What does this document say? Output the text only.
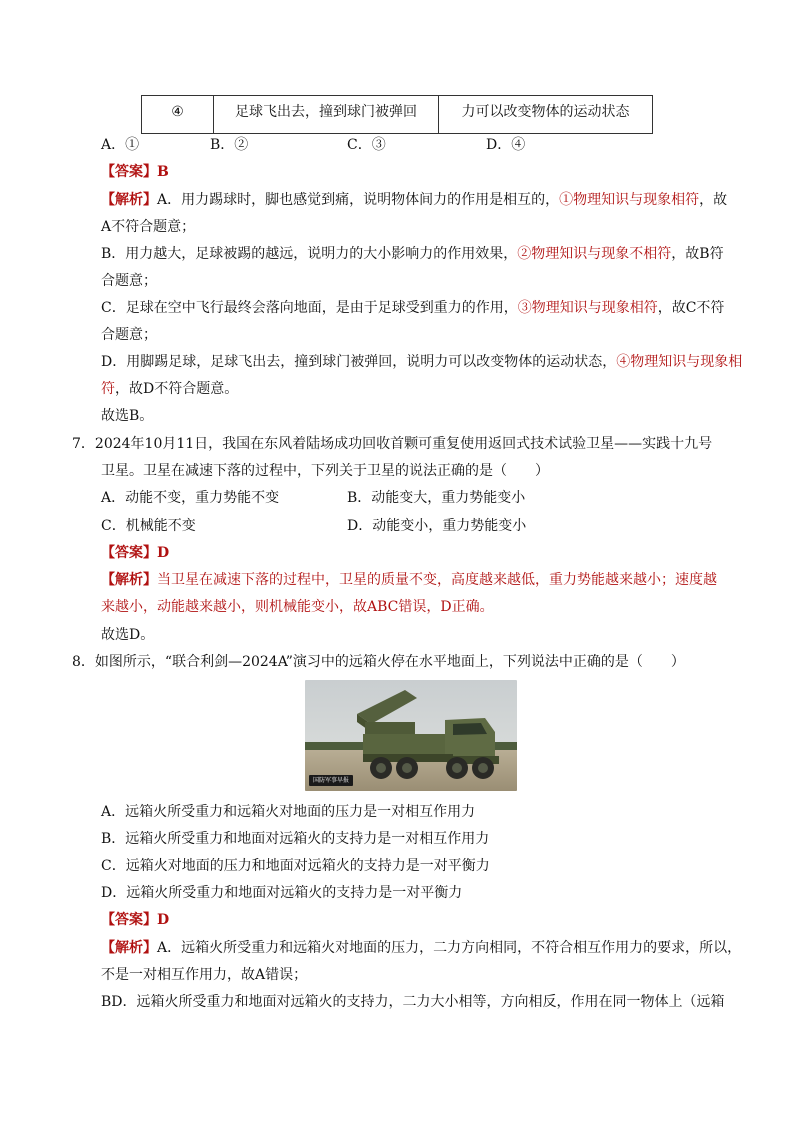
④	足球飞出去，撞到球门被弹回	力可以改变物体的运动状态
A．①	B．②	C．③	D．④
【答案】B
【解析】A．用力踢球时，脚也感觉到痛，说明物体间力的作用是相互的，①物理知识与现象相符，故
A不符合题意；
B．用力越大，足球被踢的越远，说明力的大小影响力的作用效果，②物理知识与现象不相符，故B符
合题意；
C．足球在空中飞行最终会落向地面，是由于足球受到重力的作用，③物理知识与现象相符，故C不符
合题意；
D．用脚踢足球，足球飞出去，撞到球门被弹回，说明力可以改变物体的运动状态，④物理知识与现象相
符，故D不符合题意。
故选B。
7．2024年10月11日，我国在东风着陆场成功回收首颗可重复使用返回式技术试验卫星——实践十九号
卫星。卫星在减速下落的过程中，下列关于卫星的说法正确的是（　　）
A．动能不变，重力势能不变	B．动能变大，重力势能变小
C．机械能不变	D．动能变小，重力势能变小
【答案】D
【解析】当卫星在减速下落的过程中，卫星的质量不变，高度越来越低，重力势能越来越小；速度越
来越小，动能越来越小，则机械能变小，故ABC错误，D正确。
故选D。
8．如图所示，“联合利剑—2024A”演习中的远箱火停在水平地面上，下列说法中正确的是（　　）
国防军事早报
A．远箱火所受重力和远箱火对地面的压力是一对相互作用力
B．远箱火所受重力和地面对远箱火的支持力是一对相互作用力
C．远箱火对地面的压力和地面对远箱火的支持力是一对平衡力
D．远箱火所受重力和地面对远箱火的支持力是一对平衡力
【答案】D
【解析】A．远箱火所受重力和远箱火对地面的压力，二力方向相同，不符合相互作用力的要求，所以，
不是一对相互作用力，故A错误；
BD．远箱火所受重力和地面对远箱火的支持力，二力大小相等，方向相反，作用在同一物体上（远箱
